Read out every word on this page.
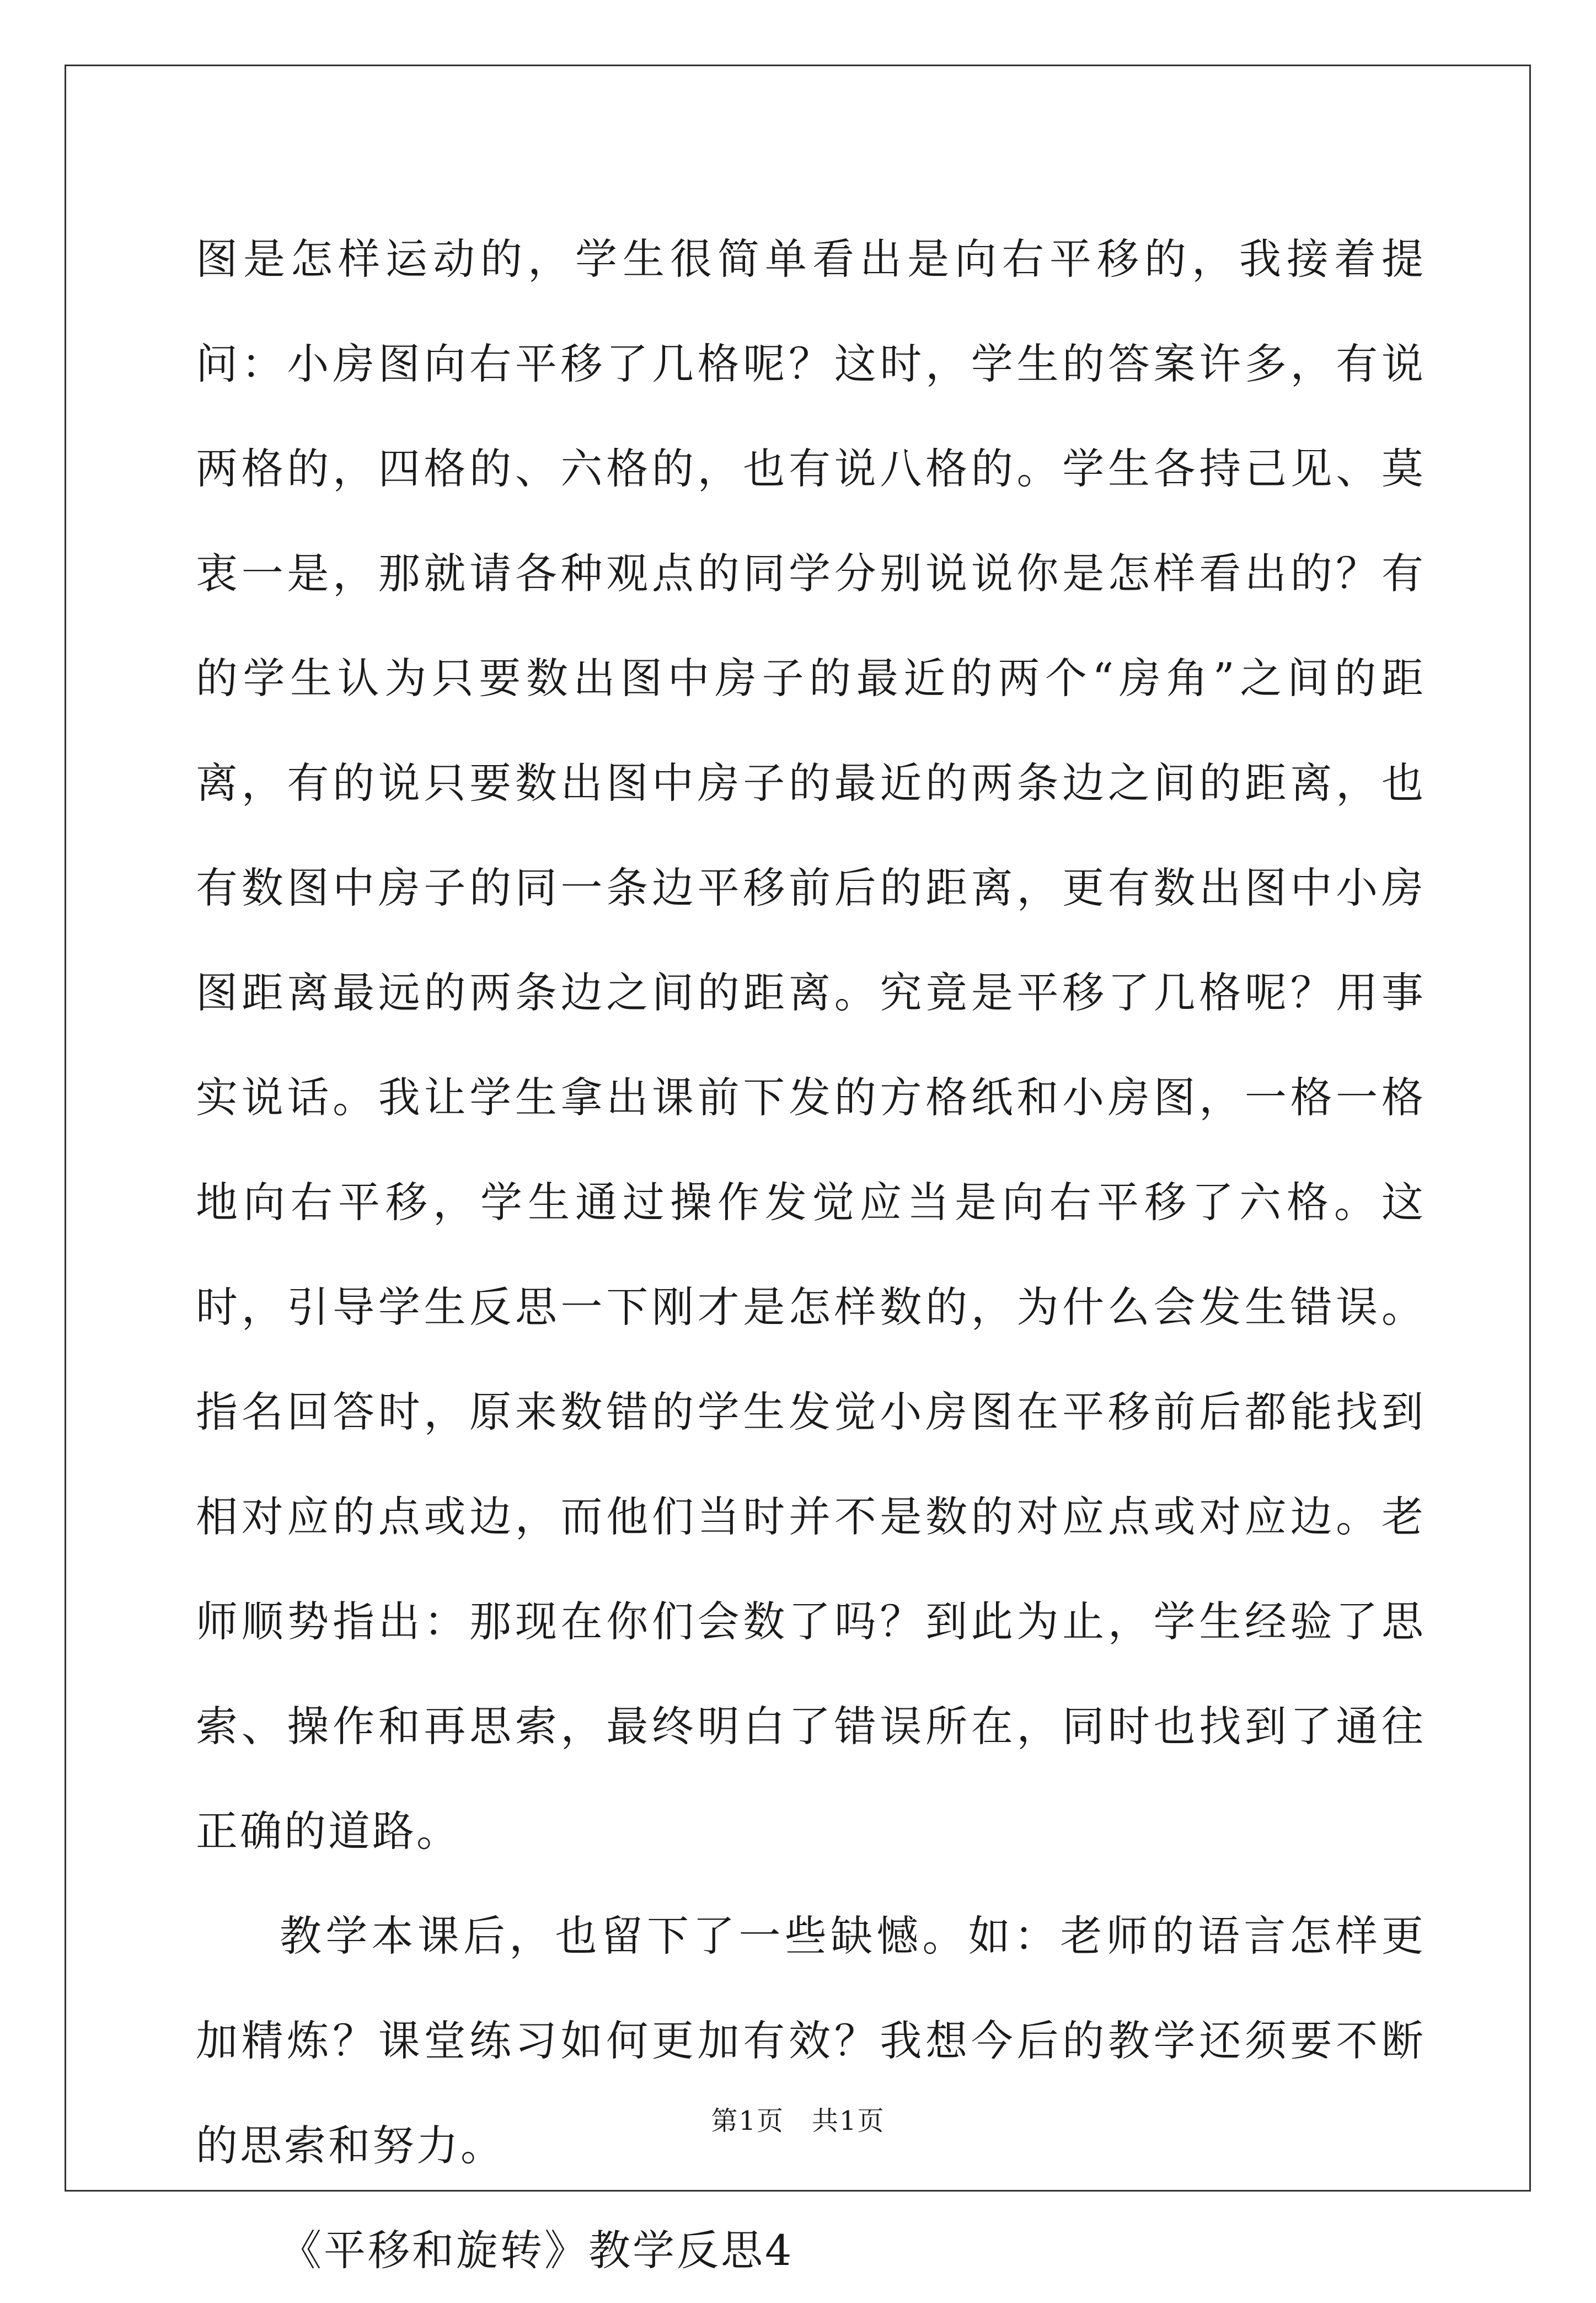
图是怎样运动的，学生很简单看出是向右平移的，我接着提问：小房图向右平移了几格呢？这时，学生的答案许多，有说两格的，四格的、六格的，也有说八格的。学生各持己见、莫衷一是，那就请各种观点的同学分别说说你是怎样看出的？有的学生认为只要数出图中房子的最近的两个“房角”之间的距离，有的说只要数出图中房子的最近的两条边之间的距离，也有数图中房子的同一条边平移前后的距离，更有数出图中小房图距离最远的两条边之间的距离。究竟是平移了几格呢？用事实说话。我让学生拿出课前下发的方格纸和小房图，一格一格地向右平移，学生通过操作发觉应当是向右平移了六格。这时，引导学生反思一下刚才是怎样数的，为什么会发生错误。指名回答时，原来数错的学生发觉小房图在平移前后都能找到相对应的点或边，而他们当时并不是数的对应点或对应边。老师顺势指出：那现在你们会数了吗？到此为止，学生经验了思索、操作和再思索，最终明白了错误所在，同时也找到了通往正确的道路。

教学本课后，也留下了一些缺憾。如：老师的语言怎样更加精炼？课堂练习如何更加有效？我想今后的教学还须要不断的思索和努力。

《平移和旋转》教学反思4

第1页　共1页
